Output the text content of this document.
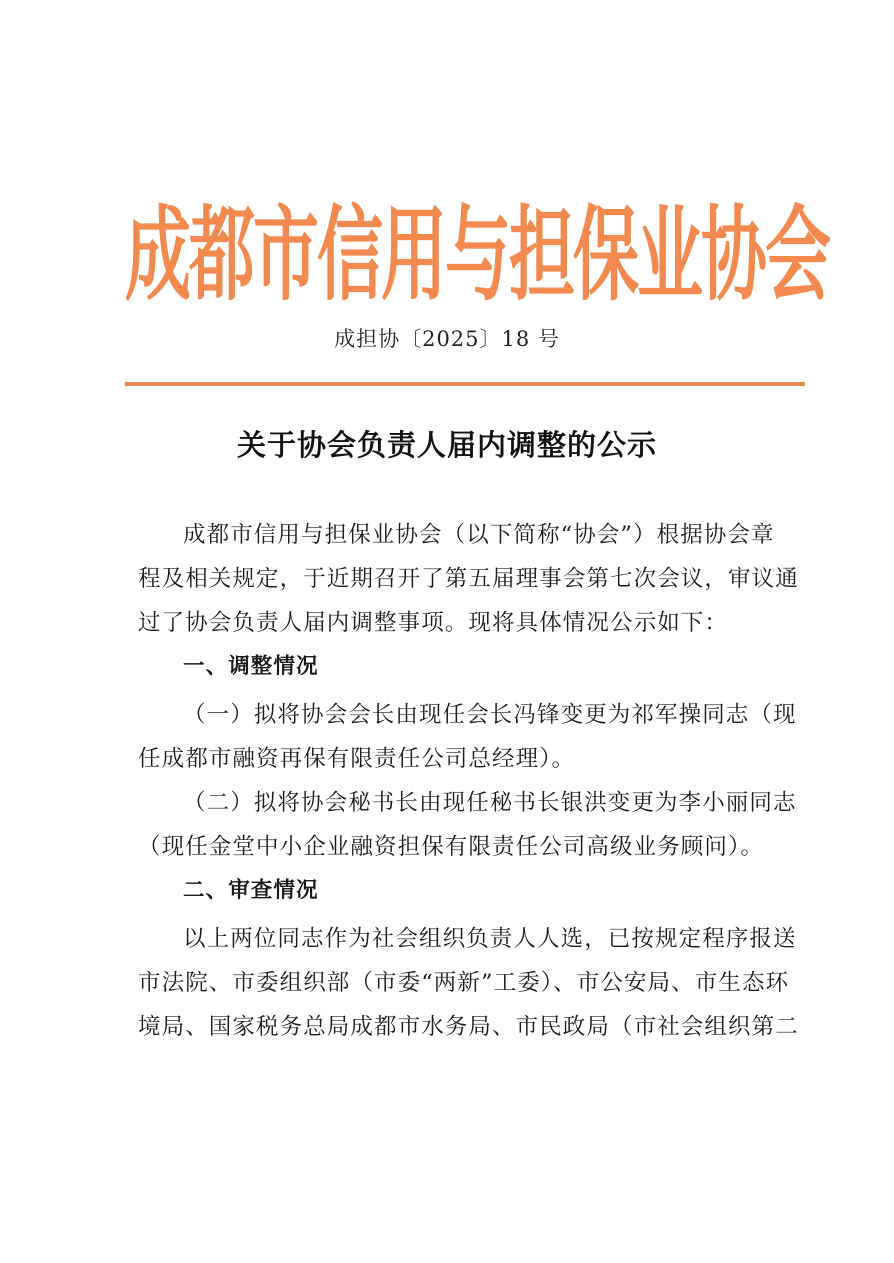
成都市信用与担保业协会
成担协〔2025〕18 号
关于协会负责人届内调整的公示
成都市信用与担保业协会（以下简称“协会”）根据协会章
程及相关规定，于近期召开了第五届理事会第七次会议，审议通
过了协会负责人届内调整事项。现将具体情况公示如下：
一、调整情况
（一）拟将协会会长由现任会长冯锋变更为祁军操同志（现
任成都市融资再保有限责任公司总经理）。
（二）拟将协会秘书长由现任秘书长银洪变更为李小丽同志
（现任金堂中小企业融资担保有限责任公司高级业务顾问）。
二、审查情况
以上两位同志作为社会组织负责人人选，已按规定程序报送
市法院、市委组织部（市委“两新”工委）、市公安局、市生态环
境局、国家税务总局成都市水务局、市民政局（市社会组织第二
